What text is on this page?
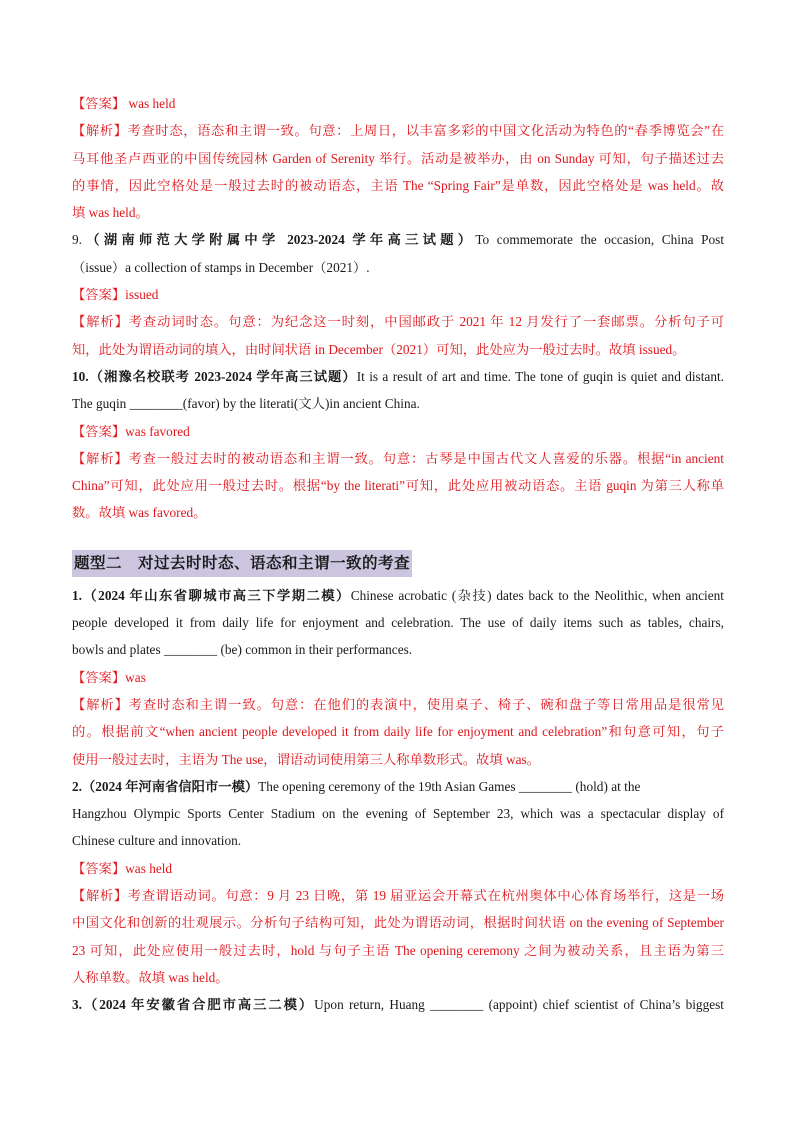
【答案】 was held
【解析】考查时态，语态和主谓一致。句意：上周日，以丰富多彩的中国文化活动为特色的“春季博览会”在
马耳他圣卢西亚的中国传统园林 Garden of Serenity 举行。活动是被举办，由 on Sunday 可知，句子描述过去
的事情，因此空格处是一般过去时的被动语态，主语 The “Spring Fair”是单数，因此空格处是 was held。故
填 was held。
9.（湖南师范大学附属中学 2023-2024 学年高三试题）To commemorate the occasion, China Post
（issue）a collection of stamps in December（2021）.
【答案】issued
【解析】考查动词时态。句意：为纪念这一时刻，中国邮政于 2021 年 12 月发行了一套邮票。分析句子可
知，此处为谓语动词的填入，由时间状语 in December（2021）可知，此处应为一般过去时。故填 issued。
10.（湘豫名校联考 2023-2024 学年高三试题）It is a result of art and time. The tone of guqin is quiet and distant.
The guqin ________(favor) by the literati(文人)in ancient China.
【答案】was favored
【解析】考查一般过去时的被动语态和主谓一致。句意：古琴是中国古代文人喜爱的乐器。根据“in ancient
China”可知，此处应用一般过去时。根据“by the literati”可知，此处应用被动语态。主语 guqin 为第三人称单
数。故填 was favored。
题型二　对过去时时态、语态和主谓一致的考查
1.（2024 年山东省聊城市高三下学期二模）Chinese acrobatic (杂技) dates back to the Neolithic, when ancient
people developed it from daily life for enjoyment and celebration. The use of daily items such as tables, chairs,
bowls and plates ________ (be) common in their performances.
【答案】was
【解析】考查时态和主谓一致。句意：在他们的表演中，使用桌子、椅子、碗和盘子等日常用品是很常见
的。根据前文“when ancient people developed it from daily life for enjoyment and celebration”和句意可知，句子
使用一般过去时，主语为 The use，谓语动词使用第三人称单数形式。故填 was。
2.（2024 年河南省信阳市一模）The opening ceremony of the 19th Asian Games ________ (hold) at the
Hangzhou Olympic Sports Center Stadium on the evening of September 23, which was a spectacular display of
Chinese culture and innovation.
【答案】was held
【解析】考查谓语动词。句意：9 月 23 日晚，第 19 届亚运会开幕式在杭州奥体中心体育场举行，这是一场
中国文化和创新的壮观展示。分析句子结构可知，此处为谓语动词，根据时间状语 on the evening of September
23 可知，此处应使用一般过去时，hold 与句子主语 The opening ceremony 之间为被动关系，且主语为第三
人称单数。故填 was held。
3.（2024 年安徽省合肥市高三二模）Upon return, Huang ________ (appoint) chief scientist of China’s biggest
